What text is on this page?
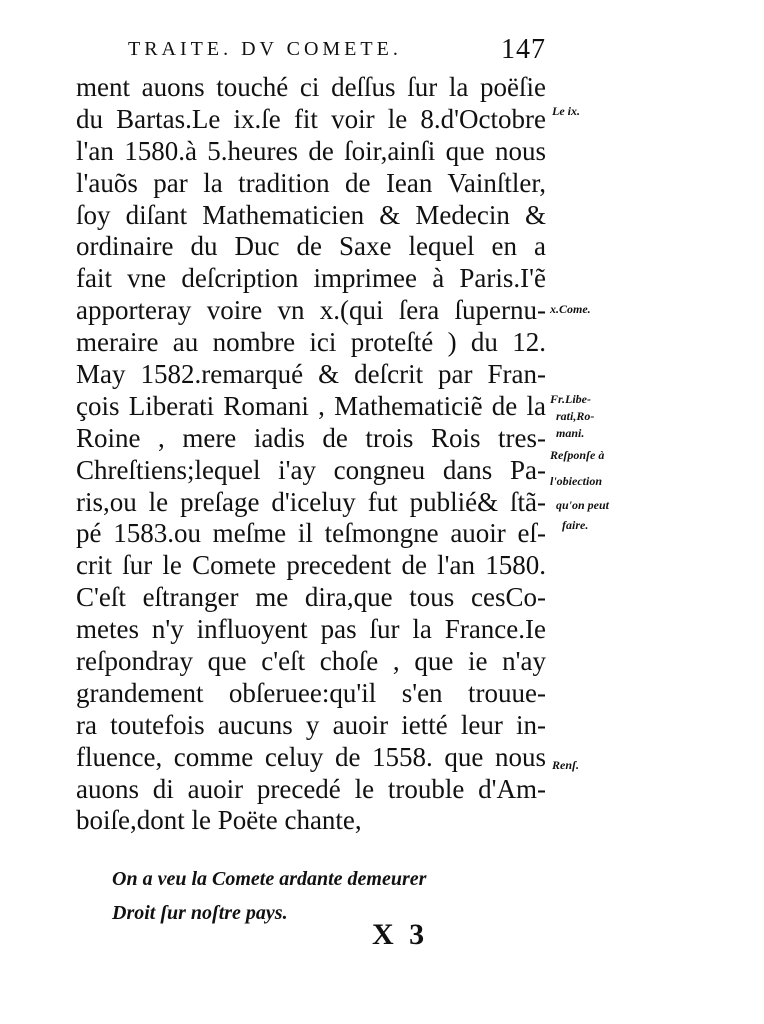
TRAITE. DV COMETE.	147
ment auons touché ci deſſus ſur la poëſie
du Bartas.Le ix.ſe fit voir le 8.d'Octobre
l'an 1580.à 5.heures de ſoir,ainſi que nous
l'auõs par la tradition de Iean Vainſtler,
ſoy diſant Mathematicien & Medecin &
ordinaire du Duc de Saxe lequel en a
fait vne deſcription imprimee à Paris.I'ẽ
apporteray voire vn x.(qui ſera ſupernu-
meraire au nombre ici proteſté ) du 12.
May 1582.remarqué & deſcrit par Fran-
çois Liberati Romani , Mathematiciẽ de la
Roine , mere iadis de trois Rois tres-
Chreſtiens;lequel i'ay congneu dans Pa-
ris,ou le preſage d'iceluy fut publié& ſtã-
pé 1583.ou meſme il teſmongne auoir eſ-
crit ſur le Comete precedent de l'an 1580.
C'eſt eſtranger me dira,que tous cesCo-
metes n'y influoyent pas ſur la France.Ie
reſpondray que c'eſt choſe , que ie n'ay
grandement obſeruee:qu'il s'en trouue-
ra toutefois aucuns y auoir ietté leur in-
fluence, comme celuy de 1558. que nous
auons di auoir precedé le trouble d'Am-
boiſe,dont le Poëte chante,
Le ix.
x.Come.
Fr.Libe-
rati,Ro-
mani.
Reſponſe à
l'obiection
qu'on peut
faire.
Renſ.
On a veu la Comete ardante demeurer
Droit ſur noſtre pays.
X 3
